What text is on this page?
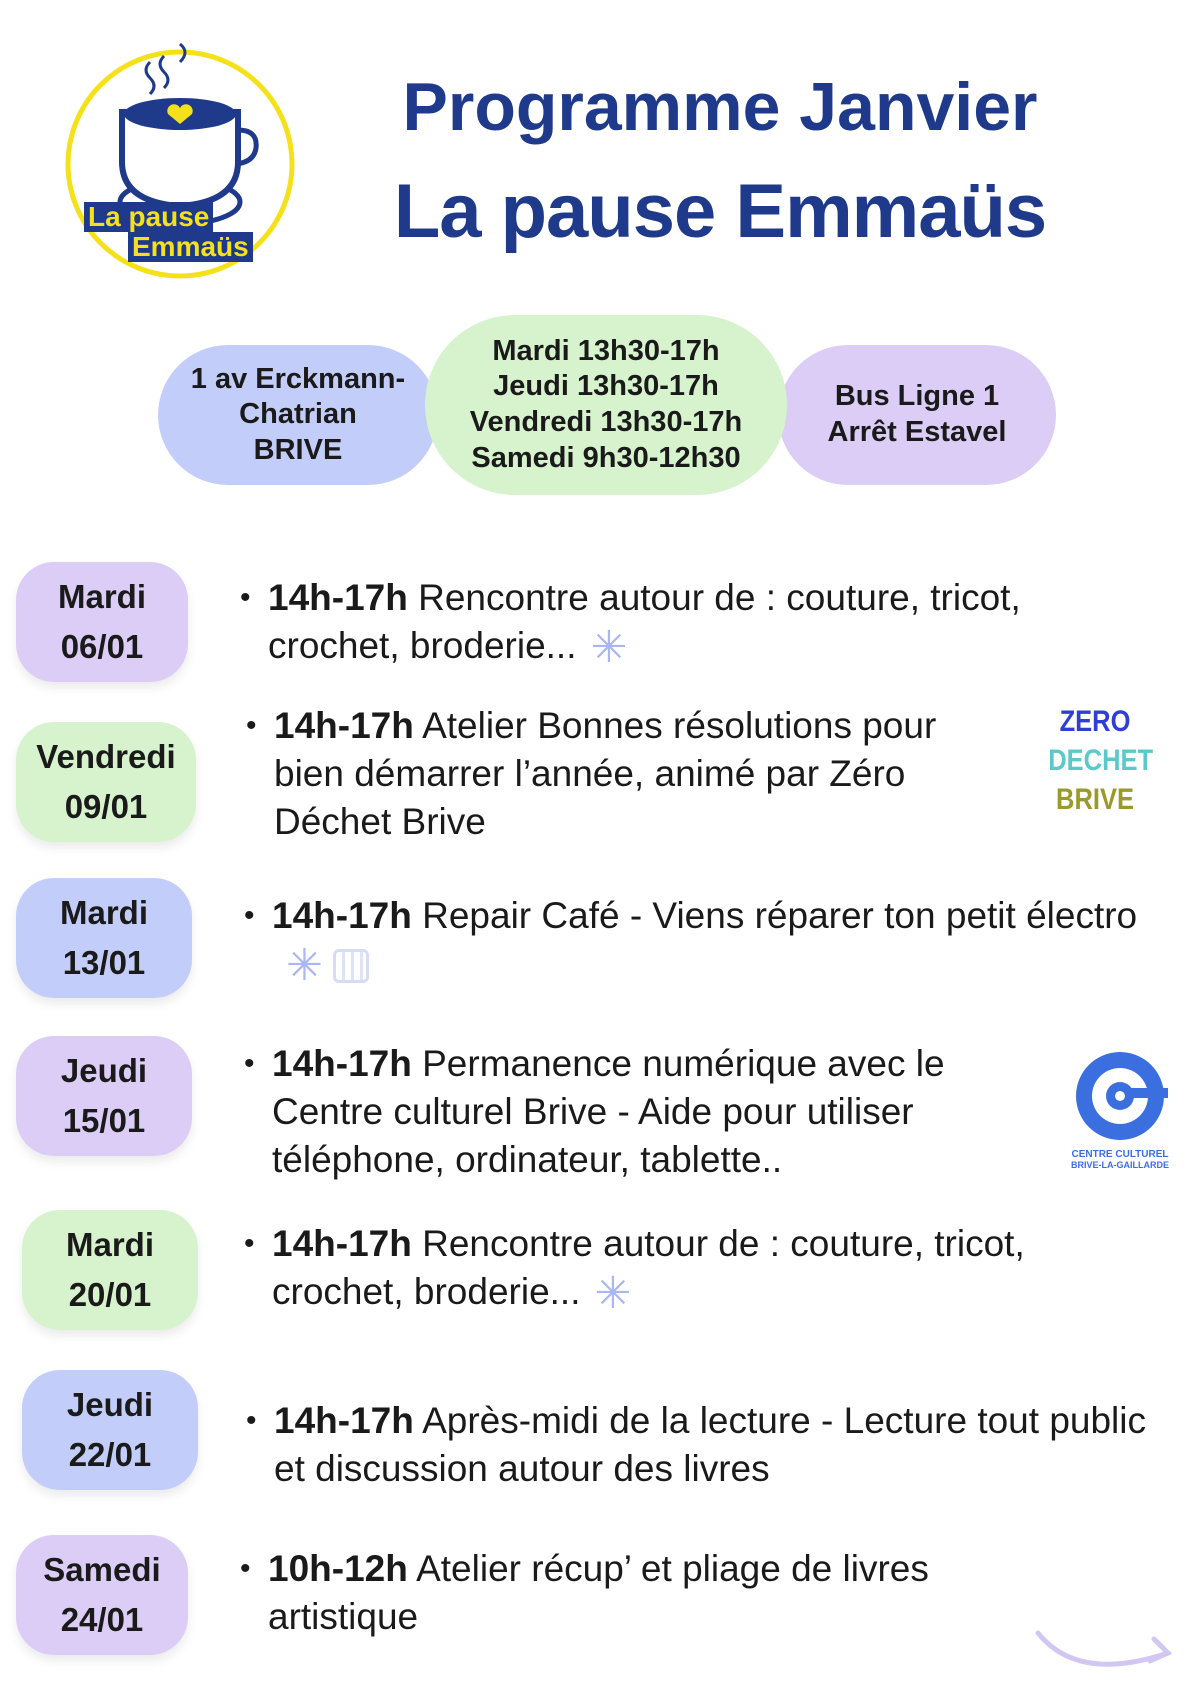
La pause
Emmaüs
Programme Janvier
La pause Emmaüs
1 av Erckmann-
Chatrian
BRIVE
Bus Ligne 1
Arrêt Estavel
Mardi 13h30-17h
Jeudi 13h30-17h
Vendredi 13h30-17h
Samedi 9h30-12h30
Mardi
06/01
• 14h-17h Rencontre autour de : couture, tricot, crochet, broderie... ✳
Vendredi
09/01
• 14h-17h Atelier Bonnes résolutions pour bien démarrer l’année, animé par Zéro Déchet Brive
ZERO
DECHET
BRIVE
Mardi
13/01
• 14h-17h Repair Café - Viens réparer ton petit électro✳
Jeudi
15/01
• 14h-17h Permanence numérique avec le Centre culturel Brive - Aide pour utiliser téléphone, ordinateur, tablette..	CENTRE CULTUREL
BRIVE-LA-GAILLARDE
Mardi
20/01
• 14h-17h Rencontre autour de : couture, tricot, crochet, broderie... ✳
Jeudi
22/01
• 14h-17h Après-midi de la lecture - Lecture tout public et discussion autour des livres
Samedi
24/01
• 10h-12h Atelier récup’ et pliage de livres artistique
